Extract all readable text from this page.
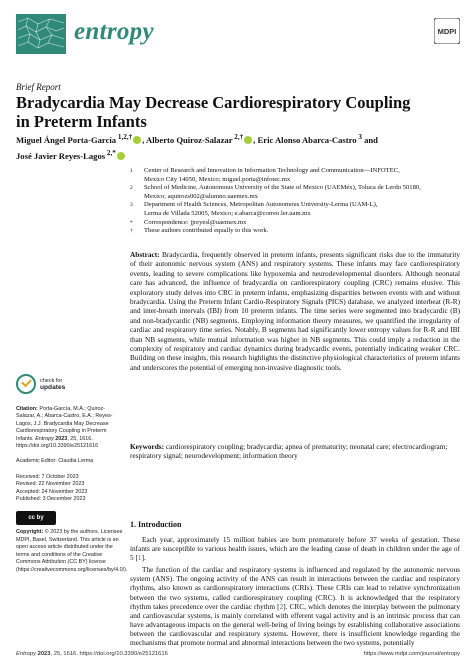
entropy	MDPI
Brief Report
Bradycardia May Decrease Cardiorespiratory Coupling
in Preterm Infants
Miguel Ángel Porta-García $^{1,2,\dagger}$ , Alberto Quiroz-Salazar $^{2,\dagger}$ , Eric Alonso Abarca-Castro $^3$ and
José Javier Reyes-Lagos $^{2,*}$
1 Center of Research and Innovation in Information Technology and Communication—INFOTEC,
Mexico City 14050, Mexico; miguel.porta@infotec.mx
2 School of Medicine, Autonomous University of the State of Mexico (UAEMéx), Toluca de Lerdo 50180,
Mexico; aquirozs002@alumno.uaemex.mx
3 Department of Health Sciences, Metropolitan Autonomous University-Lerma (UAM-L),
Lerma de Villada 52005, Mexico; e.abarca@correo.ler.uam.mx
* Correspondence: jjreyesl@uaemex.mx
† These authors contributed equally to this work.
Abstract: Bradycardia, frequently observed in preterm infants, presents significant risks due to the immaturity of their autonomic nervous system (ANS) and respiratory systems. These infants may face cardiorespiratory events, leading to severe complications like hypoxemia and neurodevelopmental disorders. Although neonatal care has advanced, the influence of bradycardia on cardiorespiratory coupling (CRC) remains elusive. This exploratory study delves into CRC in preterm infants, emphasizing disparities between events with and without bradycardia. Using the Preterm Infant Cardio-Respiratory Signals (PICS) database, we analyzed interbeat (R-R) and inter-breath intervals (IBI) from 10 preterm infants. The time series were segmented into bradycardic (B) and non-bradycardic (NB) segments. Employing information theory measures, we quantified the irregularity of cardiac and respiratory time series. Notably, B segments had significantly lower entropy values for R-R and IBI than NB segments, while mutual information was higher in NB segments. This could imply a reduction in the complexity of respiratory and cardiac dynamics during bradycardic events, potentially indicating weaker CRC. Building on these insights, this research highlights the distinctive physiological characteristics of preterm infants and underscores the potential of emerging non-invasive diagnostic tools.
Keywords: cardiorespiratory coupling; bradycardia; apnea of prematurity; neonatal care; electrocardiogram; respiratory signal; neurodevelopment; information theory
check for
updates
Citation: Porta-García, M.Á.; Quiroz-Salazar, A.; Abarca-Castro, E.A.; Reyes-Lagos, J.J. Bradycardia May Decrease Cardiorespiratory Coupling in Preterm Infants. Entropy 2023, 25, 1616. https://doi.org/10.3390/e25121616
Academic Editor: Claudia Lerma
Received: 7 October 2023
Revised: 22 November 2023
Accepted: 24 November 2023
Published: 3 December 2023
cc by
Copyright: © 2023 by the authors. Licensee MDPI, Basel, Switzerland. This article is an open access article distributed under the terms and conditions of the Creative Commons Attribution (CC BY) license (https://creativecommons.org/licenses/by/4.0/).
1. Introduction

Each year, approximately 15 million babies are born prematurely before 37 weeks of gestation. These infants are susceptible to various health issues, which are the leading cause of death in children under the age of 5 [1].

The function of the cardiac and respiratory systems is influenced and regulated by the autonomic nervous system (ANS). The ongoing activity of the ANS can result in interactions between the cardiac and respiratory rhythms, also known as cardiorespiratory interactions (CRIs). These CRIs can lead to relative synchronization between the two systems, called cardiorespiratory coupling (CRC). It is acknowledged that the respiratory rhythm takes precedence over the cardiac rhythm [2]. CRC, which denotes the interplay between the pulmonary and cardiovascular systems, is mainly correlated with efferent vagal activity and is an intrinsic process that can have advantageous impacts on the general well-being of living beings by establishing collaborative associations between the cardiovascular and respiratory systems. However, there is insufficient knowledge regarding the mechanisms that promote normal and abnormal interactions between the two systems, potentially

Entropy 2023, 25, 1616. https://doi.org/10.3390/e25121616	https://www.mdpi.com/journal/entropy
